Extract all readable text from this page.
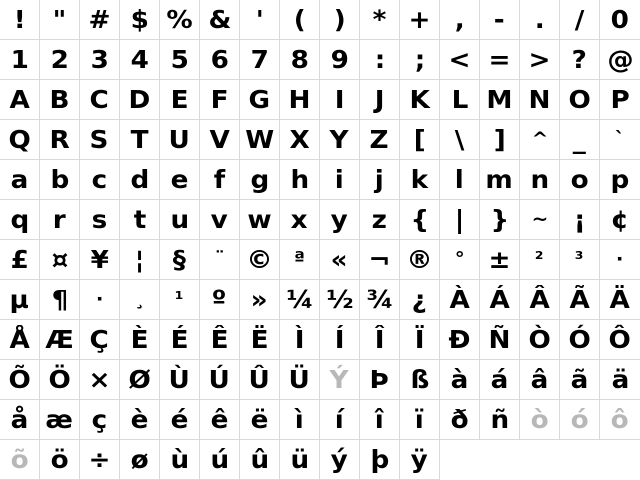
! " # $ % & ' ( ) * + , - . / 0
1 2 3 4 5 6 7 8 9 : ; < = > ? @
A B C D E F G H I J K L M N O P
Q R S T U V W X Y Z [ \ ] ^ _ `
a b c d e f g h i j k l m n o p
q r s t u v w x y z { | } ~ ¡ ¢
£ ¤ ¥ ¦ § ¨ © ª « ¬ ® ° ± ² ³ ·
µ ¶ · ¸ ¹ º » ¼ ½ ¾ ¿ À Á Â Ã Ä
Å Æ Ç È É Ê Ë Ì Í Î Ï Ð Ñ Ò Ó Ô
Õ Ö × Ø Ù Ú Û Ü Ý Þ ß à á â ã ä
å æ ç è é ê ë ì í î ï ð ñ ò ó ô
õ ö ÷ ø ù ú û ü ý þ ÿ
